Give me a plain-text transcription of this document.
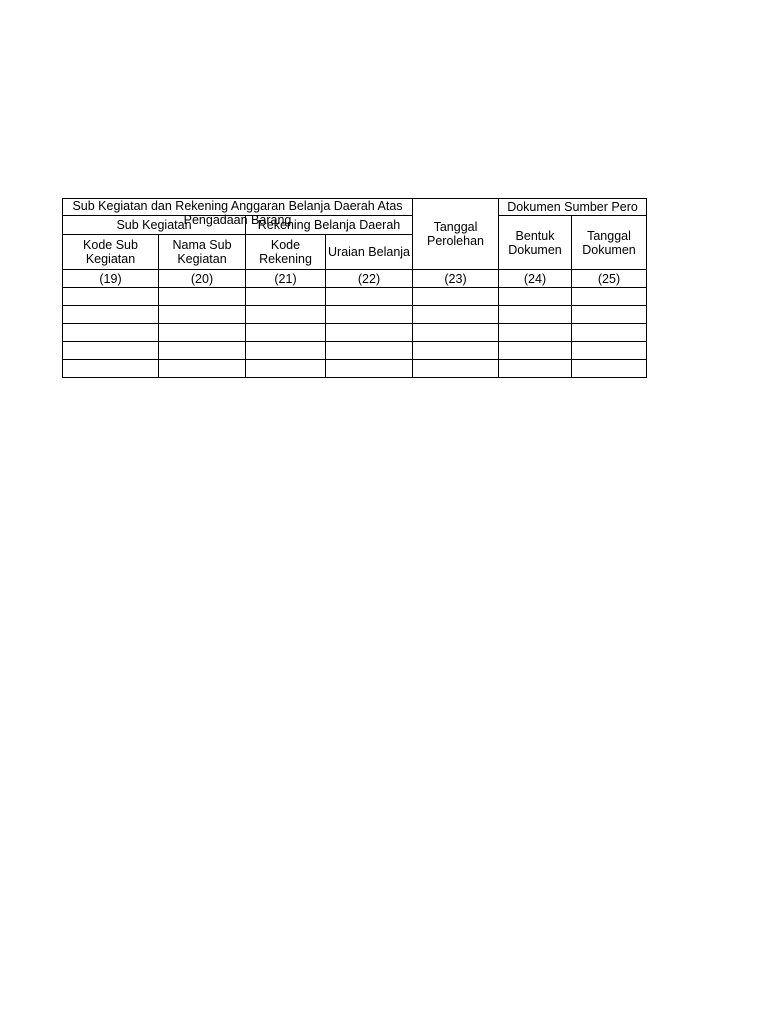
Sub Kegiatan dan Rekening Anggaran Belanja Daerah Atas Pengadaan Barang				Tanggal Perolehan	Dokumen Sumber Pero	
Sub Kegiatan		Rekening Belanja Daerah			Bentuk Dokumen	Tanggal Dokumen
Kode Sub Kegiatan	Nama Sub Kegiatan	Kode Rekening	Uraian Belanja			
(19)	(20)	(21)	(22)	(23)	(24)	(25)
